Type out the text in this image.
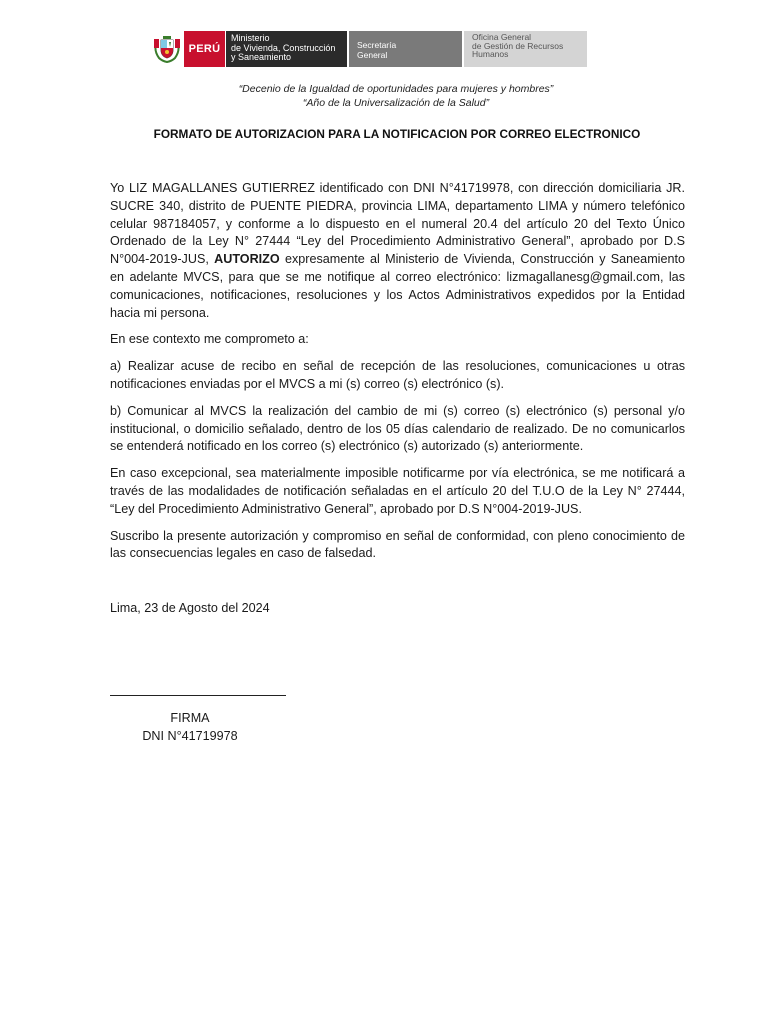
PERÚ
Ministerio
de Vivienda, Construcción
y Saneamiento
Secretaría
General
Oficina General
de Gestión de Recursos
Humanos
“Decenio de la Igualdad de oportunidades para mujeres y hombres”
“Año de la Universalización de la Salud”
FORMATO DE AUTORIZACION PARA LA NOTIFICACION POR CORREO ELECTRONICO

Yo LIZ MAGALLANES GUTIERREZ identificado con DNI N°41719978, con dirección domiciliaria JR. SUCRE 340, distrito de PUENTE PIEDRA, provincia LIMA, departamento LIMA y número telefónico celular 987184057, y conforme a lo dispuesto en el numeral 20.4 del artículo 20 del Texto Único Ordenado de la Ley N° 27444 “Ley del Procedimiento Administrativo General”, aprobado por D.S N°004-2019-JUS, AUTORIZO expresamente al Ministerio de Vivienda, Construcción y Saneamiento en adelante MVCS, para que se me notifique al correo electrónico: lizmagallanesg@gmail.com, las comunicaciones, notificaciones, resoluciones y los Actos Administrativos expedidos por la Entidad hacia mi persona.

En ese contexto me comprometo a:

a) Realizar acuse de recibo en señal de recepción de las resoluciones, comunicaciones u otras notificaciones enviadas por el MVCS a mi (s) correo (s) electrónico (s).

b) Comunicar al MVCS la realización del cambio de mi (s) correo (s) electrónico (s) personal y/o institucional, o domicilio señalado, dentro de los 05 días calendario de realizado. De no comunicarlos se entenderá notificado en los correo (s) electrónico (s) autorizado (s) anteriormente.

En caso excepcional, sea materialmente imposible notificarme por vía electrónica, se me notificará a través de las modalidades de notificación señaladas en el artículo 20 del T.U.O de la Ley N° 27444, “Ley del Procedimiento Administrativo General”, aprobado por D.S N°004-2019-JUS.

Suscribo la presente autorización y compromiso en señal de conformidad, con pleno conocimiento de las consecuencias legales en caso de falsedad.

Lima, 23 de Agosto del 2024
FIRMA
DNI N°41719978
